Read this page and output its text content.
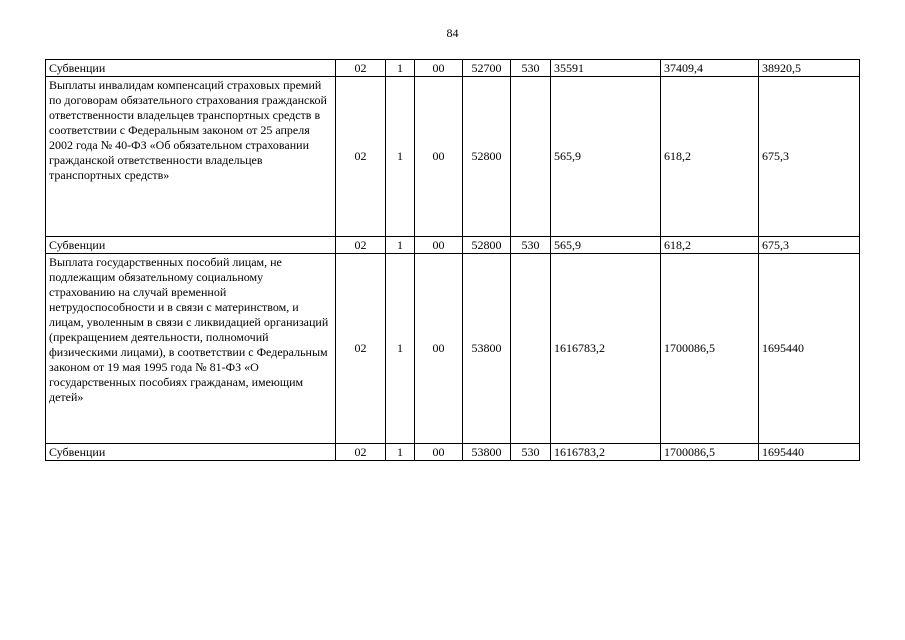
84
Субвенции	02	1	00	52700	530	35591	37409,4	38920,5
Выплаты инвалидам компенсаций страховых премий по договорам обязательного страхования гражданской ответственности владельцев транспортных средств в соответствии с Федеральным законом от 25 апреля 2002 года № 40-ФЗ «Об обязательном страховании гражданской ответственности владельцев транспортных средств»	02	1	00	52800		565,9	618,2	675,3
Субвенции	02	1	00	52800	530	565,9	618,2	675,3
Выплата государственных пособий лицам, не подлежащим обязательному социальному страхованию на случай временной нетрудоспособности и в связи с материнством, и лицам, уволенным в связи с ликвидацией организаций (прекращением деятельности, полномочий физическими лицами), в соответствии с Федеральным законом от 19 мая 1995 года № 81-ФЗ «О государственных пособиях гражданам, имеющим детей»	02	1	00	53800		1616783,2	1700086,5	1695440
Субвенции	02	1	00	53800	530	1616783,2	1700086,5	1695440
